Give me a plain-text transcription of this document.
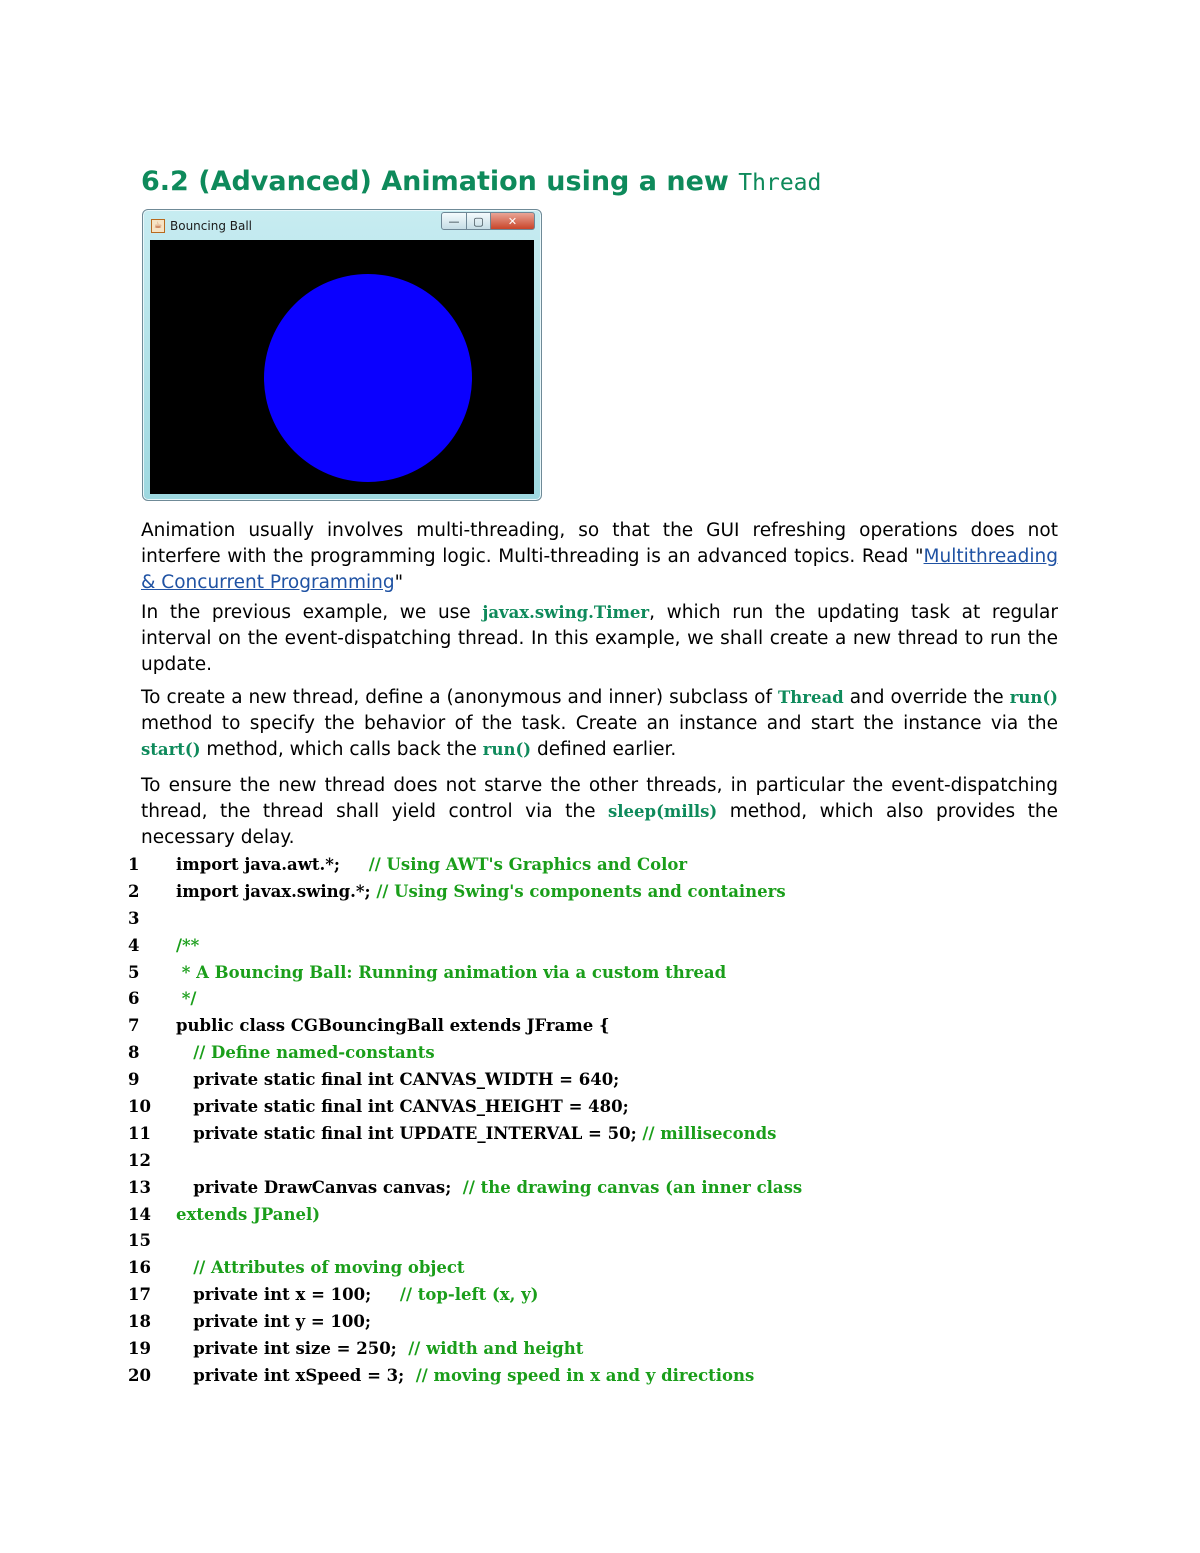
6.2 (Advanced) Animation using a new Thread
☕ Bouncing Ball	— ▢ ✕

Animation usually involves multi-threading, so that the GUI refreshing operations does not interfere with the programming logic. Multi-threading is an advanced topics. Read "Multithreading & Concurrent Programming"

In the previous example, we use javax.swing.Timer, which run the updating task at regular interval on the event-dispatching thread. In this example, we shall create a new thread to run the update.

To create a new thread, define a (anonymous and inner) subclass of Thread and override the run() method to specify the behavior of the task. Create an instance and start the instance via the start() method, which calls back the run() defined earlier.

To ensure the new thread does not starve the other threads, in particular the event-dispatching thread, the thread shall yield control via the sleep(mills) method, which also provides the necessary delay.

1	import java.awt.*;     // Using AWT's Graphics and Color
2	import javax.swing.*; // Using Swing's components and containers
3
4	/**
5	* A Bouncing Ball: Running animation via a custom thread
6	*/
7	public class CGBouncingBall extends JFrame {
8	// Define named-constants
9	private static final int CANVAS_WIDTH = 640;
10	private static final int CANVAS_HEIGHT = 480;
11	private static final int UPDATE_INTERVAL = 50; // milliseconds
12
13	private DrawCanvas canvas;  // the drawing canvas (an inner class
14	extends JPanel)
15
16	// Attributes of moving object
17	private int x = 100;     // top-left (x, y)
18	private int y = 100;
19	private int size = 250;  // width and height
20	private int xSpeed = 3;  // moving speed in x and y directions
